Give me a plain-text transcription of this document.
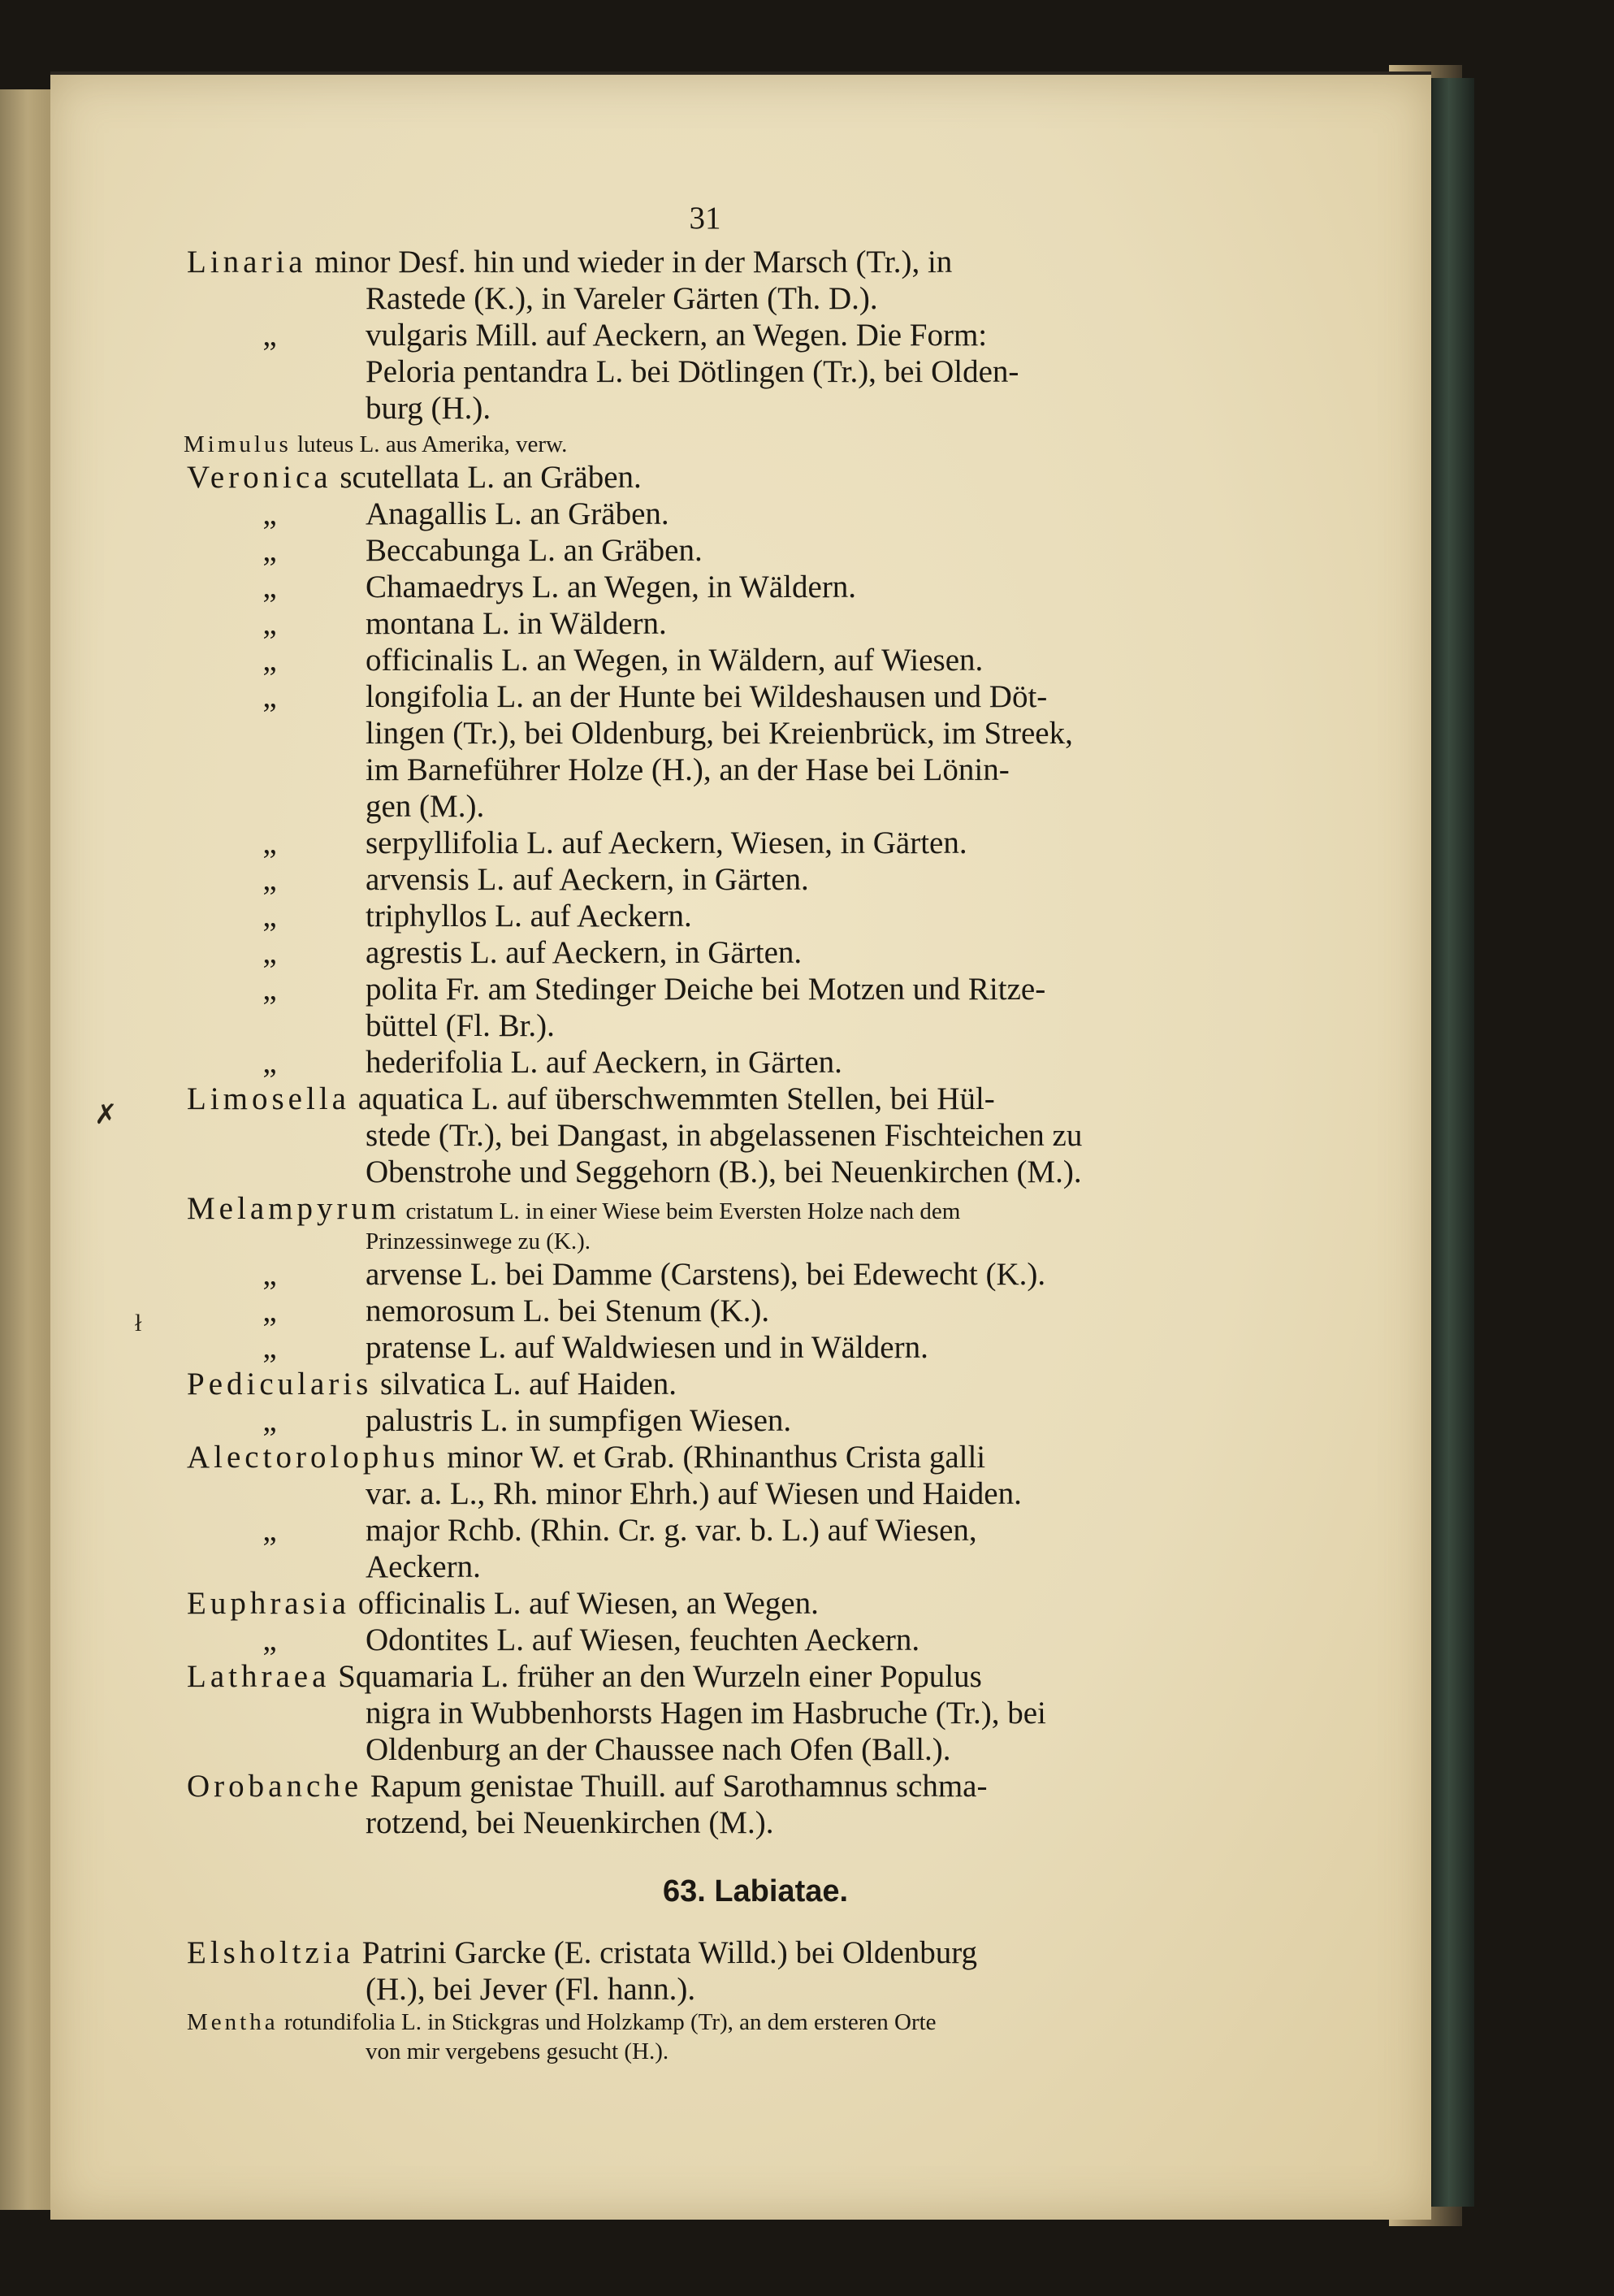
31
Linaria minor Desf. hin und wieder in der Marsch (Tr.), in
Rastede (K.), in Vareler Gärten (Th. D.).
„	vulgaris Mill. auf Aeckern, an Wegen. Die Form:
Peloria pentandra L. bei Dötlingen (Tr.), bei Olden-
burg (H.).
Mimulus luteus L. aus Amerika, verw.
Veronica scutellata L. an Gräben.
„	Anagallis L. an Gräben.
„	Beccabunga L. an Gräben.
„	Chamaedrys L. an Wegen, in Wäldern.
„	montana L. in Wäldern.
„	officinalis L. an Wegen, in Wäldern, auf Wiesen.
„	longifolia L. an der Hunte bei Wildeshausen und Döt-
lingen (Tr.), bei Oldenburg, bei Kreienbrück, im Streek,
im Barneführer Holze (H.), an der Hase bei Lönin-
gen (M.).
„	serpyllifolia L. auf Aeckern, Wiesen, in Gärten.
„	arvensis L. auf Aeckern, in Gärten.
„	triphyllos L. auf Aeckern.
„	agrestis L. auf Aeckern, in Gärten.
„	polita Fr. am Stedinger Deiche bei Motzen und Ritze-
büttel (Fl. Br.).
„	hederifolia L. auf Aeckern, in Gärten.
Limosella aquatica L. auf überschwemmten Stellen, bei Hül-
stede (Tr.), bei Dangast, in abgelassenen Fischteichen zu
Obenstrohe und Seggehorn (B.), bei Neuenkirchen (M.).
Melampyrum cristatum L. in einer Wiese beim Eversten Holze nach dem
Prinzessinwege zu (K.).
„	arvense L. bei Damme (Carstens), bei Edewecht (K.).
„	nemorosum L. bei Stenum (K.).
„	pratense L. auf Waldwiesen und in Wäldern.
Pedicularis silvatica L. auf Haiden.
„	palustris L. in sumpfigen Wiesen.
Alectorolophus minor W. et Grab. (Rhinanthus Crista galli
var. a. L., Rh. minor Ehrh.) auf Wiesen und Haiden.
„	major Rchb. (Rhin. Cr. g. var. b. L.) auf Wiesen,
Aeckern.
Euphrasia officinalis L. auf Wiesen, an Wegen.
„	Odontites L. auf Wiesen, feuchten Aeckern.
Lathraea Squamaria L. früher an den Wurzeln einer Populus
nigra in Wubbenhorsts Hagen im Hasbruche (Tr.), bei
Oldenburg an der Chaussee nach Ofen (Ball.).
Orobanche Rapum genistae Thuill. auf Sarothamnus schma-
rotzend, bei Neuenkirchen (M.).
63. Labiatae.
Elsholtzia Patrini Garcke (E. cristata Willd.) bei Oldenburg
(H.), bei Jever (Fl. hann.).
Mentha rotundifolia L. in Stickgras und Holzkamp (Tr), an dem ersteren Orte
von mir vergebens gesucht (H.).
✗
ł
